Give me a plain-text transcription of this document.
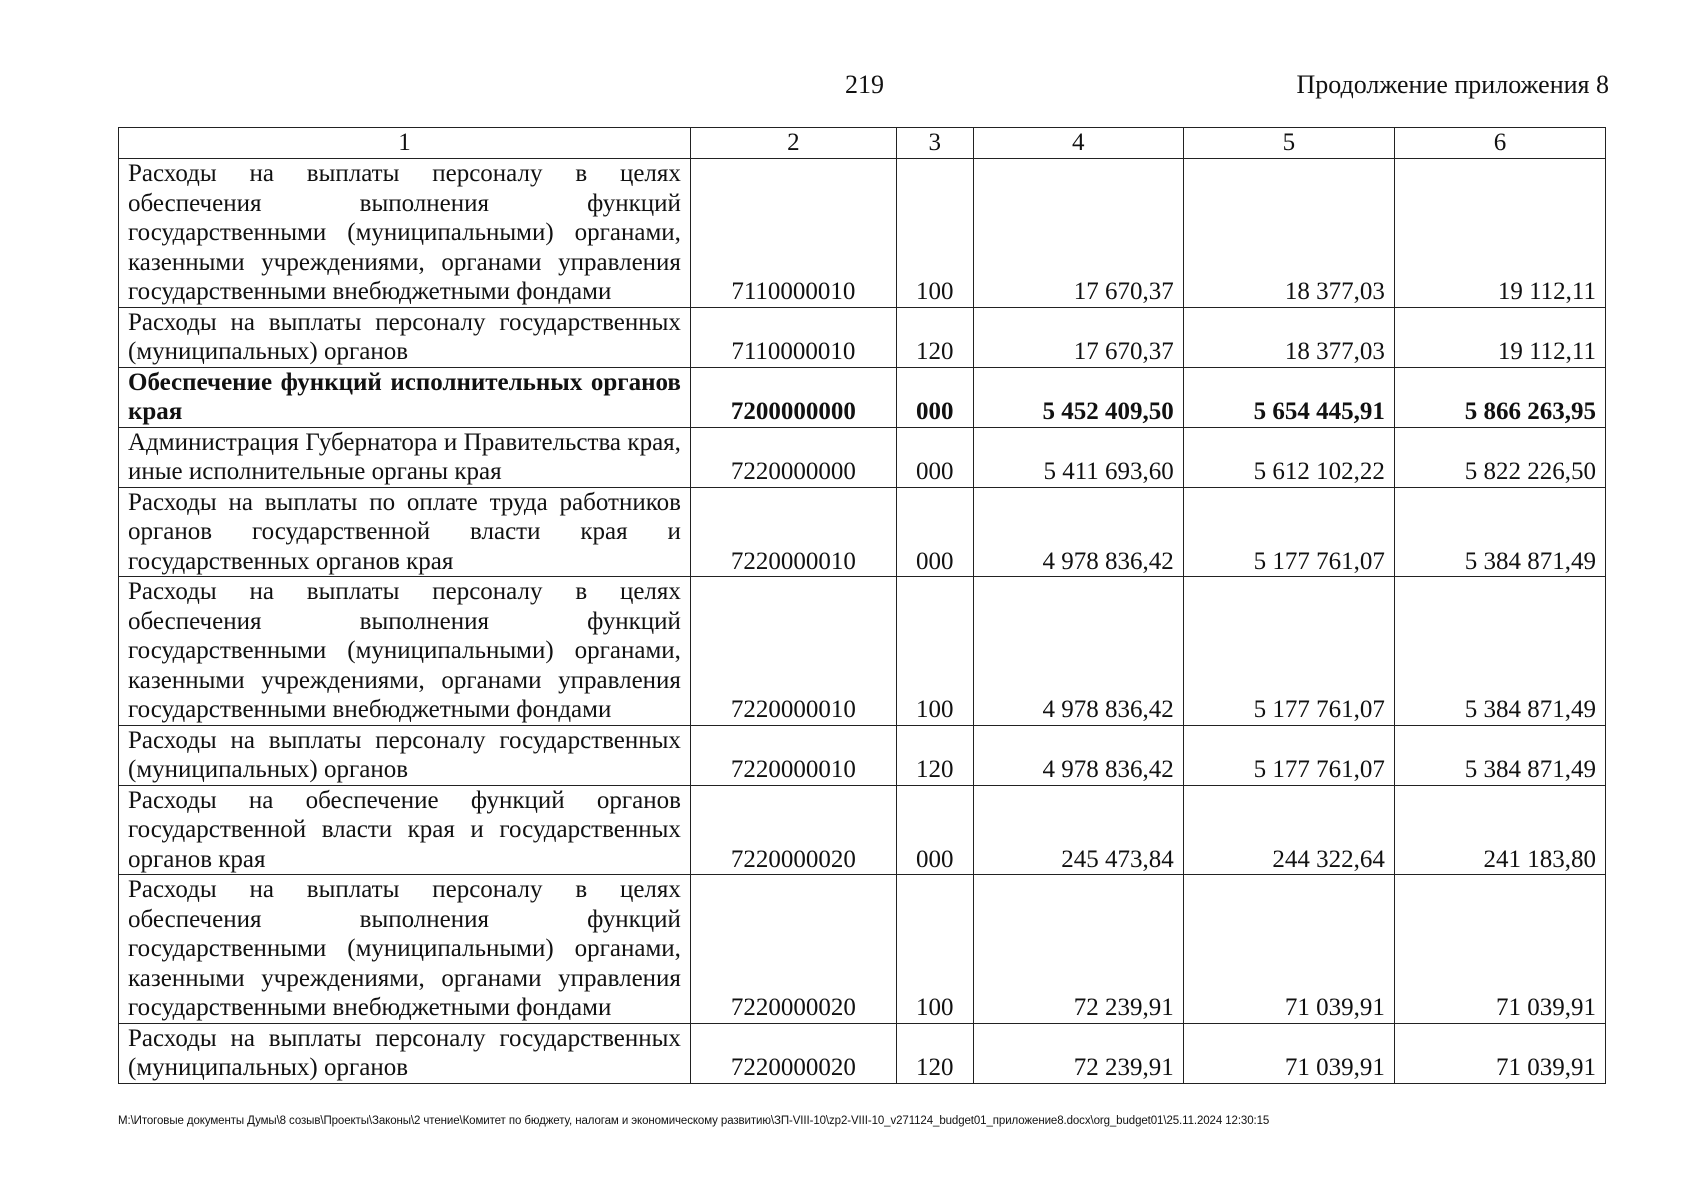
219	Продолжение приложения 8
1	2	3	4	5	6
Расходы на выплаты персоналу в целях обеспечения выполнения функций государственными (муниципальными) органами, казенными учреждениями, органами управления государственными внебюджетными фондами	7110000010	100	17 670,37	18 377,03	19 112,11
Расходы на выплаты персоналу государственных (муниципальных) органов	7110000010	120	17 670,37	18 377,03	19 112,11
Обеспечение функций исполнительных органов края	7200000000	000	5 452 409,50	5 654 445,91	5 866 263,95
Администрация Губернатора и Правительства края, иные исполнительные органы края	7220000000	000	5 411 693,60	5 612 102,22	5 822 226,50
Расходы на выплаты по оплате труда работников органов государственной власти края и государственных органов края	7220000010	000	4 978 836,42	5 177 761,07	5 384 871,49
Расходы на выплаты персоналу в целях обеспечения выполнения функций государственными (муниципальными) органами, казенными учреждениями, органами управления государственными внебюджетными фондами	7220000010	100	4 978 836,42	5 177 761,07	5 384 871,49
Расходы на выплаты персоналу государственных (муниципальных) органов	7220000010	120	4 978 836,42	5 177 761,07	5 384 871,49
Расходы на обеспечение функций органов государственной власти края и государственных органов края	7220000020	000	245 473,84	244 322,64	241 183,80
Расходы на выплаты персоналу в целях обеспечения выполнения функций государственными (муниципальными) органами, казенными учреждениями, органами управления государственными внебюджетными фондами	7220000020	100	72 239,91	71 039,91	71 039,91
Расходы на выплаты персоналу государственных (муниципальных) органов	7220000020	120	72 239,91	71 039,91	71 039,91
M:\Итоговые документы Думы\8 созыв\Проекты\Законы\2 чтение\Комитет по бюджету, налогам и экономическому развитию\ЗП-VIII-10\zp2-VIII-10_v271124_budget01_приложение8.docx\org_budget01\25.11.2024 12:30:15
